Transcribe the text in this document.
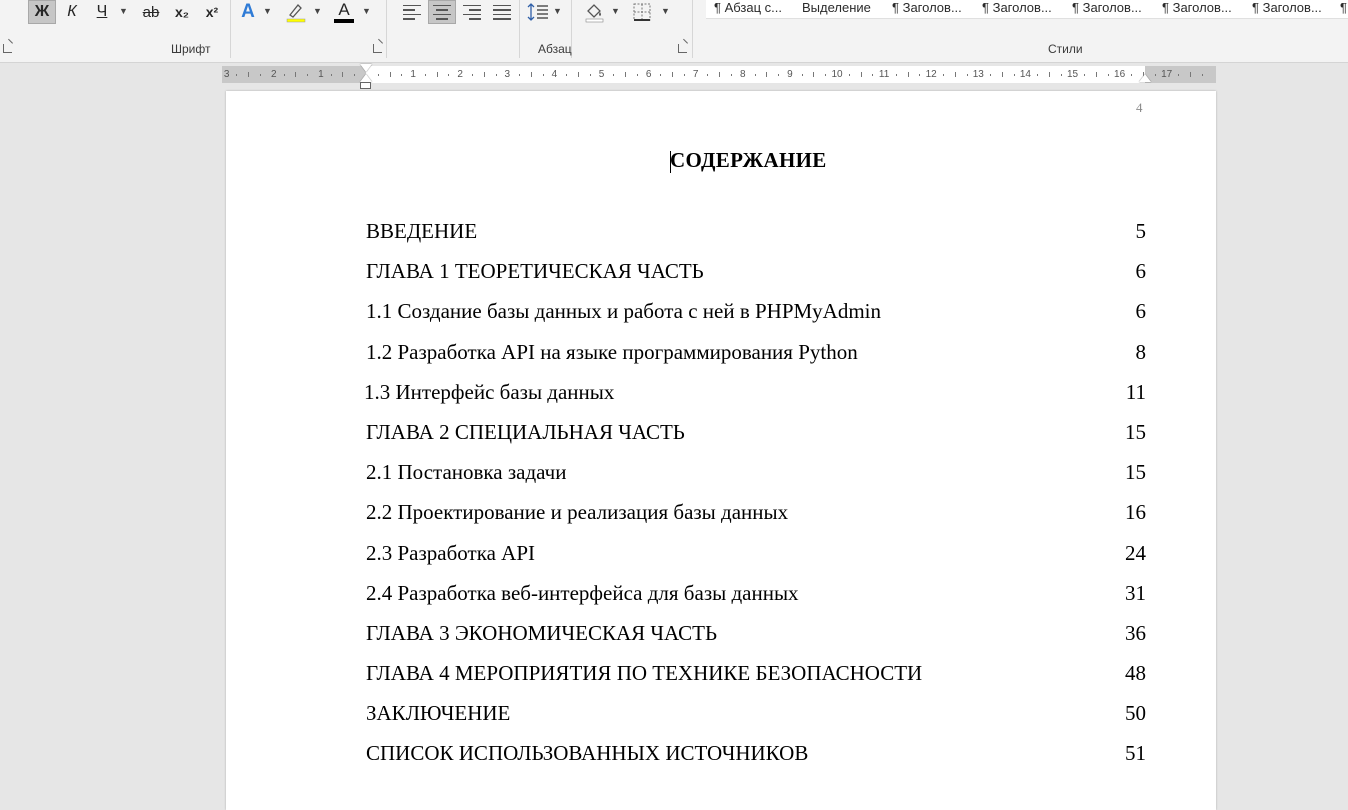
Ж	К	Ч	▼ ab	x₂	x²	A ▼	▼ A ▼
Шрифт
▼	▼	▼
Абзац
¶ Абзац с...	Выделение	¶ Заголов...	¶ Заголов...	¶ Заголов...	¶ Заголов...	¶ Заголов...	¶
Стили
3	2	1	1	2	3	4	5	6	7	8	9	10	11	12	13	14	15	16	17
4
СОДЕРЖАНИЕ
ВВЕДЕНИЕ	5
ГЛАВА 1 ТЕОРЕТИЧЕСКАЯ ЧАСТЬ	6
1.1 Создание базы данных и работа с ней в PHPMyAdmin	6
1.2 Разработка API на языке программирования Python	8
1.3 Интерфейс базы данных	11
ГЛАВА 2 СПЕЦИАЛЬНАЯ ЧАСТЬ	15
2.1 Постановка задачи	15
2.2 Проектирование и реализация базы данных	16
2.3 Разработка API	24
2.4 Разработка веб-интерфейса для базы данных	31
ГЛАВА 3 ЭКОНОМИЧЕСКАЯ ЧАСТЬ	36
ГЛАВА 4 МЕРОПРИЯТИЯ ПО ТЕХНИКЕ БЕЗОПАСНОСТИ	48
ЗАКЛЮЧЕНИЕ	50
СПИСОК ИСПОЛЬЗОВАННЫХ ИСТОЧНИКОВ	51
